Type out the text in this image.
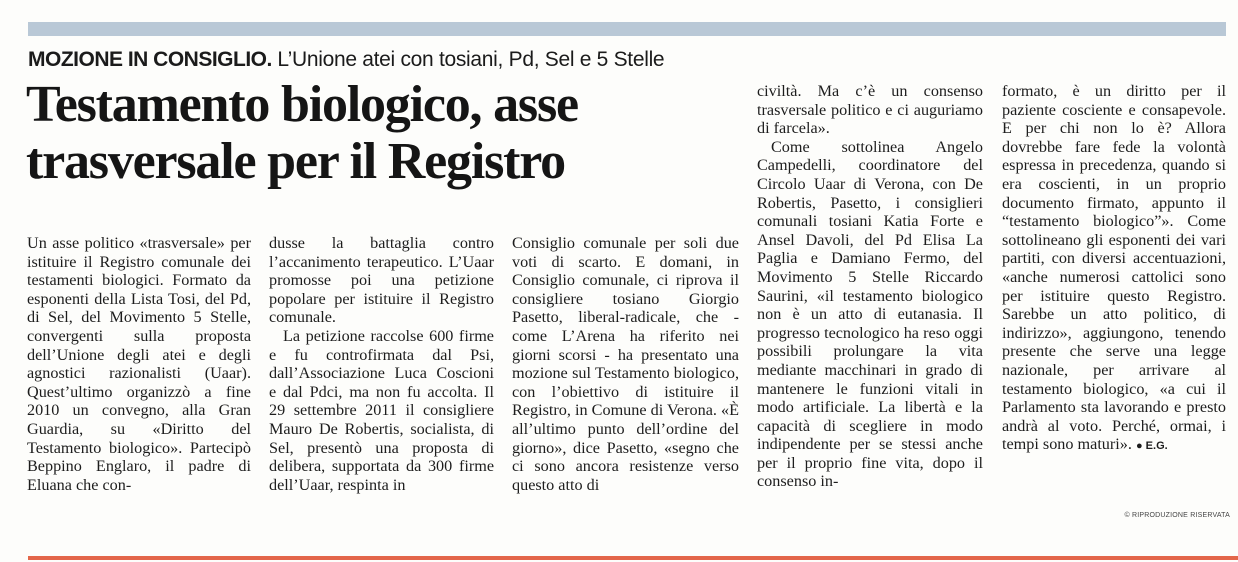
MOZIONE IN CONSIGLIO. L’Unione atei con tosiani, Pd, Sel e 5 Stelle
Testamento biologico, asse trasversale per il Registro

Un asse politico «trasversale» per istituire il Registro comunale dei testamenti biologici. Formato da esponenti della Lista Tosi, del Pd, di Sel, del Movimento 5 Stelle, convergenti sulla proposta dell’Unione degli atei e degli agnostici razionalisti (Uaar). Quest’ultimo organizzò a fine 2010 un convegno, alla Gran Guardia, su «Diritto del Testamento biologico». Partecipò Beppino Englaro, il padre di Eluana che con-

dusse la battaglia contro l’accanimento terapeutico. L’Uaar promosse poi una petizione popolare per istituire il Registro comunale.

La petizione raccolse 600 firme e fu controfirmata dal Psi, dall’Associazione Luca Coscioni e dal Pdci, ma non fu accolta. Il 29 settembre 2011 il consigliere Mauro De Robertis, socialista, di Sel, presentò una proposta di delibera, supportata da 300 firme dell’Uaar, respinta in

Consiglio comunale per soli due voti di scarto. E domani, in Consiglio comunale, ci riprova il consigliere tosiano Giorgio Pasetto, liberal-radicale, che - come L’Arena ha riferito nei giorni scorsi - ha presentato una mozione sul Testamento biologico, con l’obiettivo di istituire il Registro, in Comune di Verona. «È all’ultimo punto dell’ordine del giorno», dice Pasetto, «segno che ci sono ancora resistenze verso questo atto di

civiltà. Ma c’è un consenso trasversale politico e ci auguriamo di farcela».

Come sottolinea Angelo Campedelli, coordinatore del Circolo Uaar di Verona, con De Robertis, Pasetto, i consiglieri comunali tosiani Katia Forte e Ansel Davoli, del Pd Elisa La Paglia e Damiano Fermo, del Movimento 5 Stelle Riccardo Saurini, «il testamento biologico non è un atto di eutanasia. Il progresso tecnologico ha reso oggi possibili prolungare la vita mediante macchinari in grado di mantenere le funzioni vitali in modo artificiale. La libertà e la capacità di scegliere in modo indipendente per se stessi anche per il proprio fine vita, dopo il consenso in-

formato, è un diritto per il paziente cosciente e consapevole. E per chi non lo è? Allora dovrebbe fare fede la volontà espressa in precedenza, quando si era coscienti, in un proprio documento firmato, appunto il “testamento biologico”». Come sottolineano gli esponenti dei vari partiti, con diversi accentuazioni, «anche numerosi cattolici sono per istituire questo Registro. Sarebbe un atto politico, di indirizzo», aggiungono, tenendo presente che serve una legge nazionale, per arrivare al testamento biologico, «a cui il Parlamento sta lavorando e presto andrà al voto. Perché, ormai, i tempi sono maturi». ● E.G.

© RIPRODUZIONE RISERVATA
